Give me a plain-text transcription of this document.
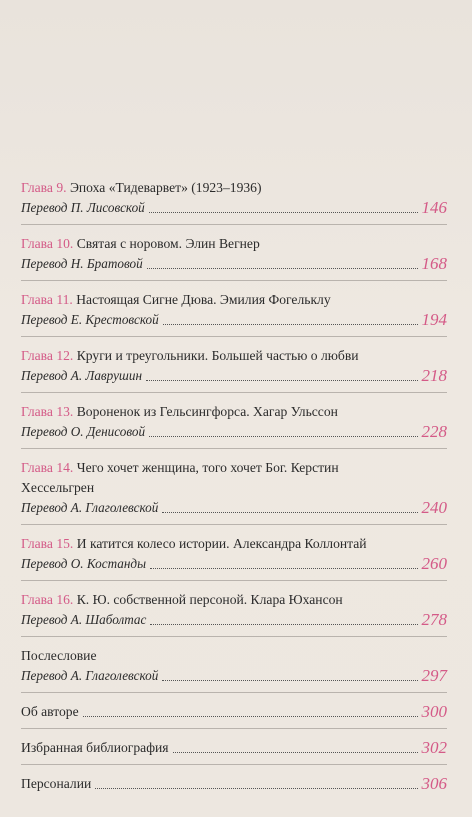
Глава 9. Эпоха «Тидеварвет» (1923–1936)
Перевод П. Лисовской	146
Глава 10. Святая с норовом. Элин Вегнер
Перевод Н. Братовой	168
Глава 11. Настоящая Сигне Дюва. Эмилия Фогельклу
Перевод Е. Крестовской	194
Глава 12. Круги и треугольники. Большей частью о любви
Перевод А. Лаврушин	218
Глава 13. Вороненок из Гельсингфорса. Хагар Ульссон
Перевод О. Денисовой	228
Глава 14. Чего хочет женщина, того хочет Бог. Керстин
Хессельгрен
Перевод А. Глаголевской	240
Глава 15. И катится колесо истории. Александра Коллонтай
Перевод О. Костанды	260
Глава 16. К. Ю. собственной персоной. Клара Юхансон
Перевод А. Шаболтас	278
Послесловие
Перевод А. Глаголевской	297
Об авторе	300
Избранная библиография	302
Персоналии	306
